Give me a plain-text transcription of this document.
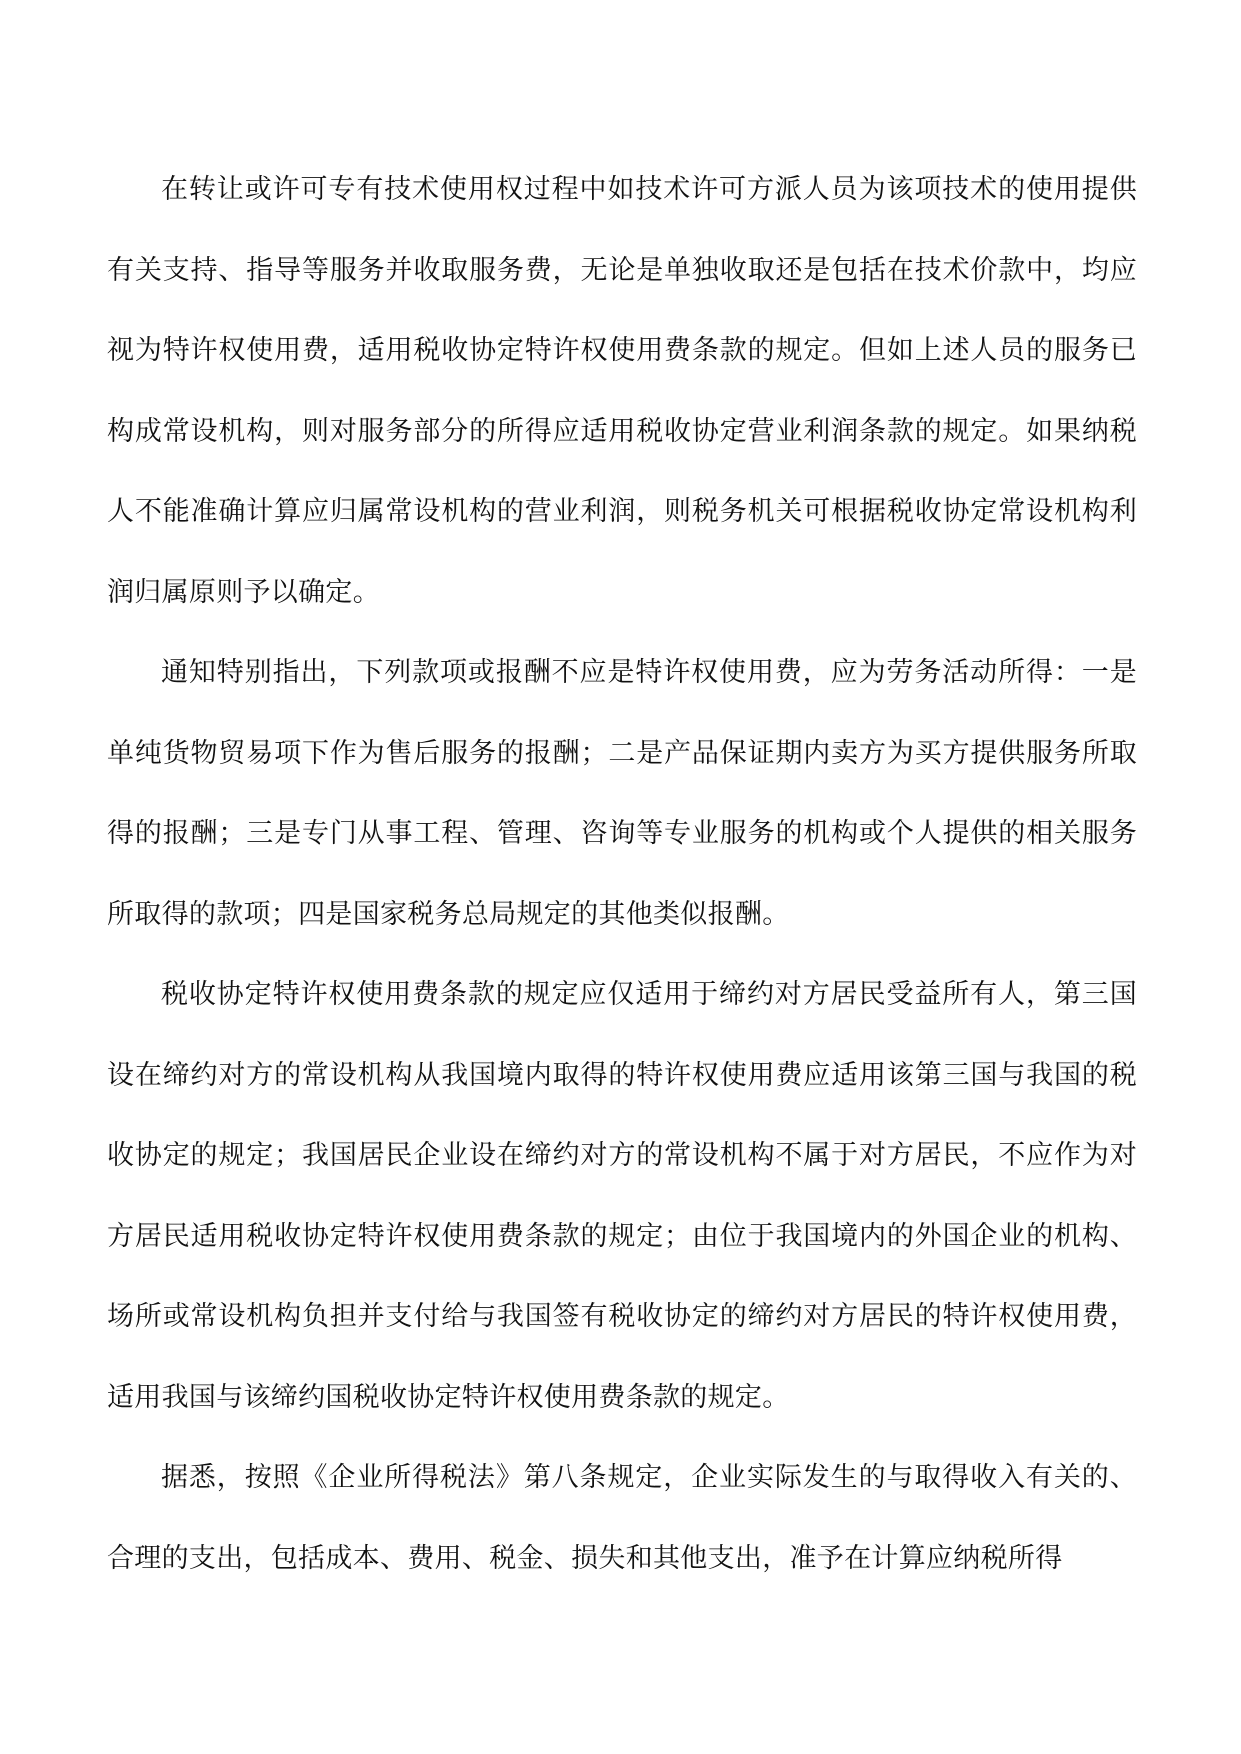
在转让或许可专有技术使用权过程中如技术许可方派人员为该项技术的使用提供有关支持、指导等服务并收取服务费，无论是单独收取还是包括在技术价款中，均应视为特许权使用费，适用税收协定特许权使用费条款的规定。但如上述人员的服务已构成常设机构，则对服务部分的所得应适用税收协定营业利润条款的规定。如果纳税人不能准确计算应归属常设机构的营业利润，则税务机关可根据税收协定常设机构利润归属原则予以确定。

通知特别指出，下列款项或报酬不应是特许权使用费，应为劳务活动所得：一是单纯货物贸易项下作为售后服务的报酬；二是产品保证期内卖方为买方提供服务所取得的报酬；三是专门从事工程、管理、咨询等专业服务的机构或个人提供的相关服务所取得的款项；四是国家税务总局规定的其他类似报酬。

税收协定特许权使用费条款的规定应仅适用于缔约对方居民受益所有人，第三国设在缔约对方的常设机构从我国境内取得的特许权使用费应适用该第三国与我国的税收协定的规定；我国居民企业设在缔约对方的常设机构不属于对方居民，不应作为对方居民适用税收协定特许权使用费条款的规定；由位于我国境内的外国企业的机构、场所或常设机构负担并支付给与我国签有税收协定的缔约对方居民的特许权使用费，适用我国与该缔约国税收协定特许权使用费条款的规定。

据悉，按照《企业所得税法》第八条规定，企业实际发生的与取得收入有关的、合理的支出，包括成本、费用、税金、损失和其他支出，准予在计算应纳税所得
